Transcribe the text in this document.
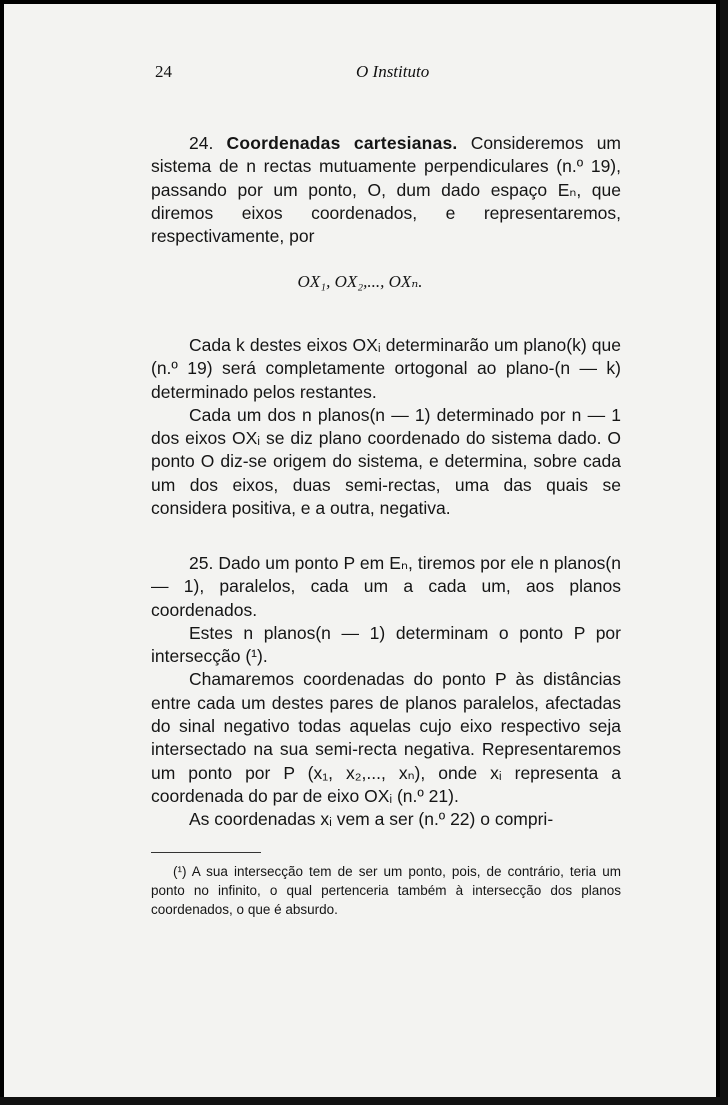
24	O Instituto

24. Coordenadas cartesianas. Consideremos um sistema de n rectas mutuamente perpendiculares (n.º 19), passando por um ponto, O, dum dado espaço Eₙ, que diremos eixos coordenados, e representaremos, respectivamente, por

OX₁, OX₂,..., OXₙ.

Cada k destes eixos OXᵢ determinarão um plano(k) que (n.º 19) será completamente ortogonal ao plano-(n — k) determinado pelos restantes.

Cada um dos n planos(n — 1) determinado por n — 1 dos eixos OXᵢ se diz plano coordenado do sistema dado. O ponto O diz-se origem do sistema, e determina, sobre cada um dos eixos, duas semi-rectas, uma das quais se considera positiva, e a outra, negativa.

25. Dado um ponto P em Eₙ, tiremos por ele n planos(n — 1), paralelos, cada um a cada um, aos planos coordenados.

Estes n planos(n — 1) determinam o ponto P por intersecção (¹).

Chamaremos coordenadas do ponto P às distâncias entre cada um destes pares de planos paralelos, afectadas do sinal negativo todas aquelas cujo eixo respectivo seja intersectado na sua semi-recta negativa. Representaremos um ponto por P (x₁, x₂,..., xₙ), onde xᵢ representa a coordenada do par de eixo OXᵢ (n.º 21).

As coordenadas xᵢ vem a ser (n.º 22) o compri-

(¹) A sua intersecção tem de ser um ponto, pois, de contrário, teria um ponto no infinito, o qual pertenceria também à intersecção dos planos coordenados, o que é absurdo.
